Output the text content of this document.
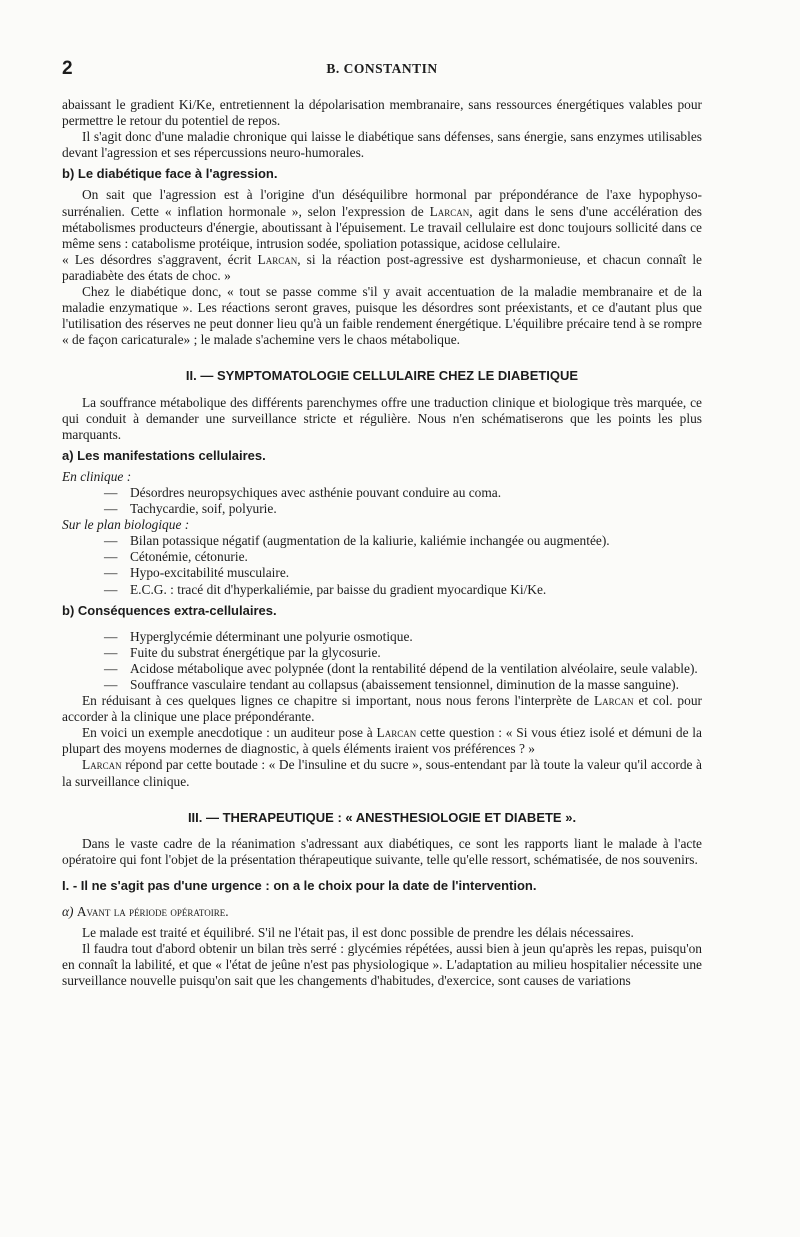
2	B. CONSTANTIN

abaissant le gradient Ki/Ke, entretiennent la dépolarisation membranaire, sans ressources énergétiques valables pour permettre le retour du potentiel de repos.

Il s'agit donc d'une maladie chronique qui laisse le diabétique sans défenses, sans énergie, sans enzymes utilisables devant l'agression et ses répercussions neuro-humorales.

b) Le diabétique face à l'agression.

On sait que l'agression est à l'origine d'un déséquilibre hormonal par prépondérance de l'axe hypophyso-surrénalien. Cette « inflation hormonale », selon l'expression de Larcan, agit dans le sens d'une accélération des métabolismes producteurs d'énergie, aboutissant à l'épuisement. Le travail cellulaire est donc toujours sollicité dans ce même sens : catabolisme protéique, intrusion sodée, spoliation potassique, acidose cellulaire.

« Les désordres s'aggravent, écrit Larcan, si la réaction post-agressive est dysharmonieuse, et chacun connaît le paradiabète des états de choc. »

Chez le diabétique donc, « tout se passe comme s'il y avait accentuation de la maladie membranaire et de la maladie enzymatique ». Les réactions seront graves, puisque les désordres sont préexistants, et ce d'autant plus que l'utilisation des réserves ne peut donner lieu qu'à un faible rendement énergétique. L'équilibre précaire tend à se rompre « de façon caricaturale» ; le malade s'achemine vers le chaos métabolique.

II. — SYMPTOMATOLOGIE CELLULAIRE CHEZ LE DIABETIQUE

La souffrance métabolique des différents parenchymes offre une traduction clinique et biologique très marquée, ce qui conduit à demander une surveillance stricte et régulière. Nous n'en schématiserons que les points les plus marquants.

a) Les manifestations cellulaires.

En clinique :

— Désordres neuropsychiques avec asthénie pouvant conduire au coma.

— Tachycardie, soif, polyurie.

Sur le plan biologique :

— Bilan potassique négatif (augmentation de la kaliurie, kaliémie inchangée ou augmentée).

— Cétonémie, cétonurie.

— Hypo-excitabilité musculaire.

— E.C.G. : tracé dit d'hyperkaliémie, par baisse du gradient myocardique Ki/Ke.

b) Conséquences extra-cellulaires.

— Hyperglycémie déterminant une polyurie osmotique.

— Fuite du substrat énergétique par la glycosurie.

— Acidose métabolique avec polypnée (dont la rentabilité dépend de la ventilation alvéolaire, seule valable).

— Souffrance vasculaire tendant au collapsus (abaissement tensionnel, diminution de la masse sanguine).

En réduisant à ces quelques lignes ce chapitre si important, nous nous ferons l'interprète de Larcan et col. pour accorder à la clinique une place prépondérante.

En voici un exemple anecdotique : un auditeur pose à Larcan cette question : « Si vous étiez isolé et démuni de la plupart des moyens modernes de diagnostic, à quels éléments iraient vos préférences ? »

Larcan répond par cette boutade : « De l'insuline et du sucre », sous-entendant par là toute la valeur qu'il accorde à la surveillance clinique.

III. — THERAPEUTIQUE : « ANESTHESIOLOGIE ET DIABETE ».

Dans le vaste cadre de la réanimation s'adressant aux diabétiques, ce sont les rapports liant le malade à l'acte opératoire qui font l'objet de la présentation thérapeutique suivante, telle qu'elle ressort, schématisée, de nos souvenirs.

I. - Il ne s'agit pas d'une urgence : on a le choix pour la date de l'intervention.

α) Avant la période opératoire.

Le malade est traité et équilibré. S'il ne l'était pas, il est donc possible de prendre les délais nécessaires.

Il faudra tout d'abord obtenir un bilan très serré : glycémies répétées, aussi bien à jeun qu'après les repas, puisqu'on en connaît la labilité, et que « l'état de jeûne n'est pas physiologique ». L'adaptation au milieu hospitalier nécessite une surveillance nouvelle puisqu'on sait que les changements d'habitudes, d'exercice, sont causes de variations
